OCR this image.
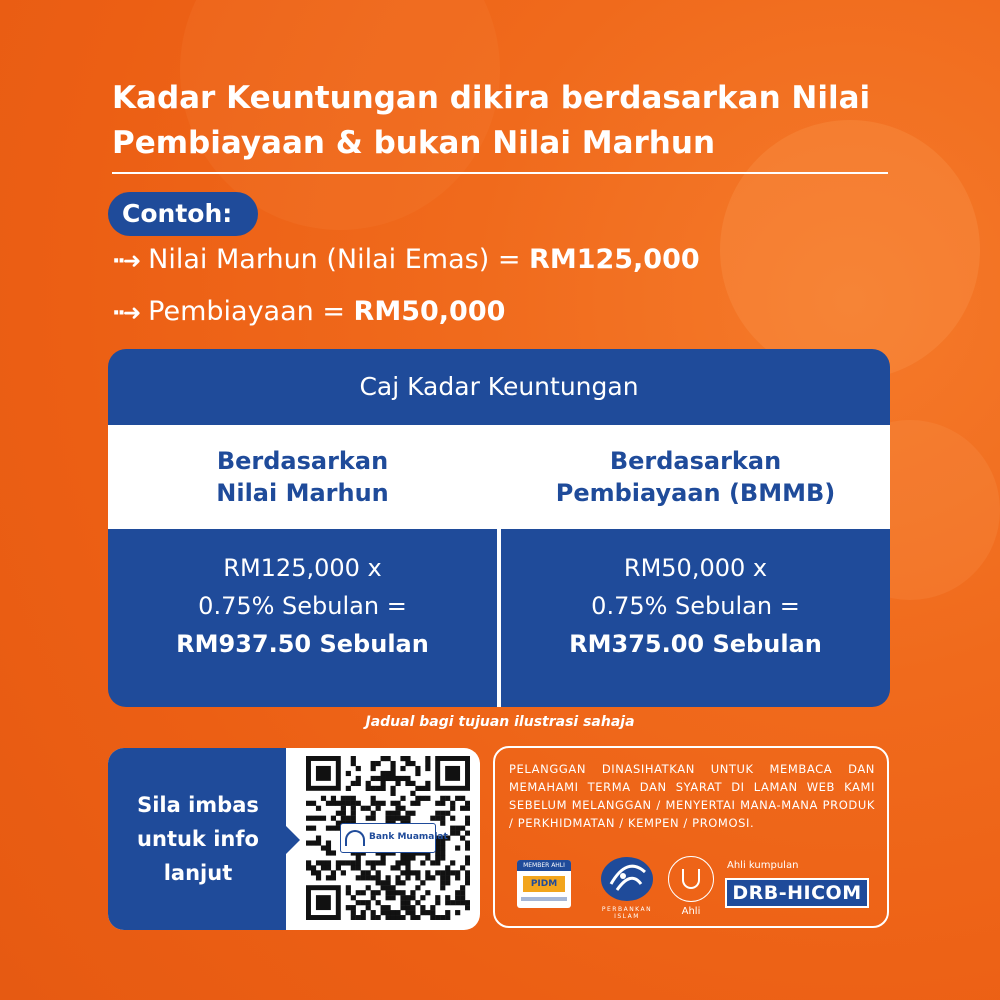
Kadar Keuntungan dikira berdasarkan Nilai
Pembiayaan & bukan Nilai Marhun
Contoh:
··➜ Nilai Marhun (Nilai Emas) = RM125,000
··➜ Pembiayaan = RM50,000
Caj Kadar Keuntungan
Berdasarkan
Nilai Marhun
Berdasarkan
Pembiayaan (BMMB)
RM125,000 x
0.75% Sebulan =
RM937.50 Sebulan
RM50,000 x
0.75% Sebulan =
RM375.00 Sebulan
Jadual bagi tujuan ilustrasi sahaja
Sila imbas
untuk info
lanjut
Bank Muamalat
PELANGGAN DINASIHATKAN UNTUK MEMBACA DAN MEMAHAMI TERMA DAN SYARAT DI LAMAN WEB KAMI SEBELUM MELANGGAN / MENYERTAI MANA-MANA PRODUK / PERKHIDMATAN / KEMPEN / PROMOSI.
MEMBER AHLI
PIDM
PERBANKAN ISLAM	Ahli
Ahli kumpulan
DRB-HICOM
